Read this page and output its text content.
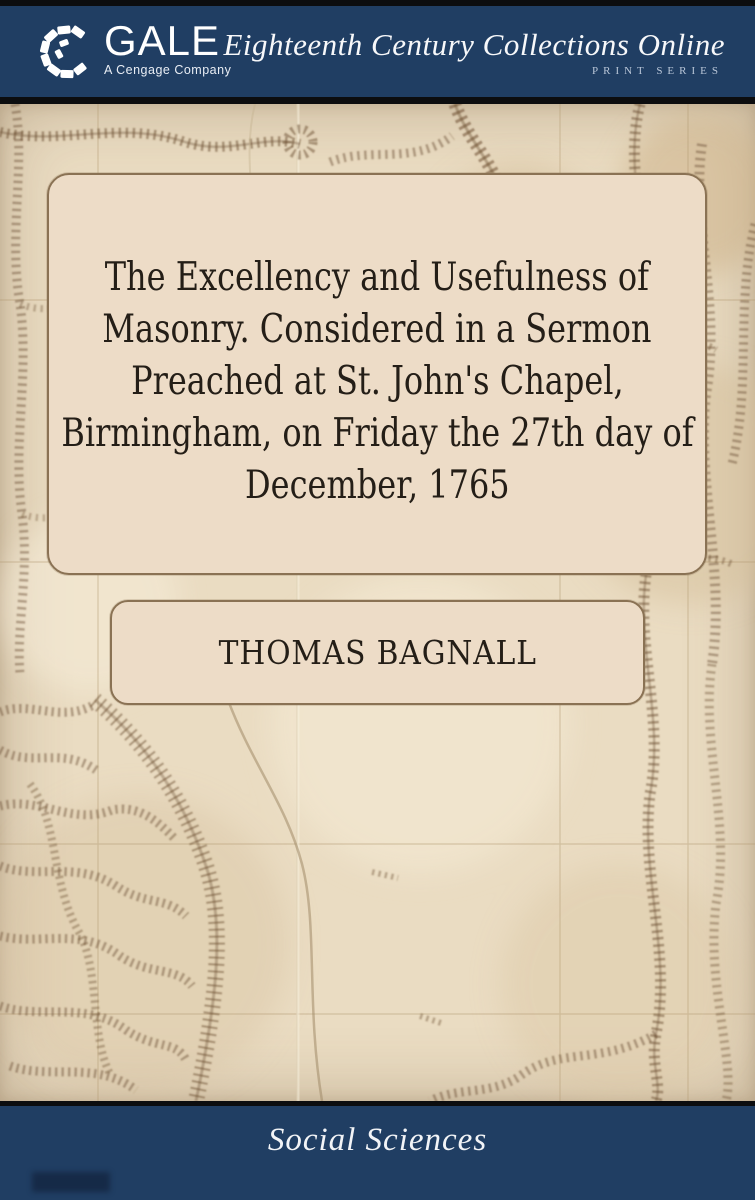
GALE
A Cengage Company
Eighteenth Century Collections Online
PRINT SERIES
The Excellency and Usefulness of
Masonry. Considered in a Sermon
Preached at St. John's Chapel,
Birmingham, on Friday the 27th day of
December, 1765
THOMAS BAGNALL
Social Sciences
